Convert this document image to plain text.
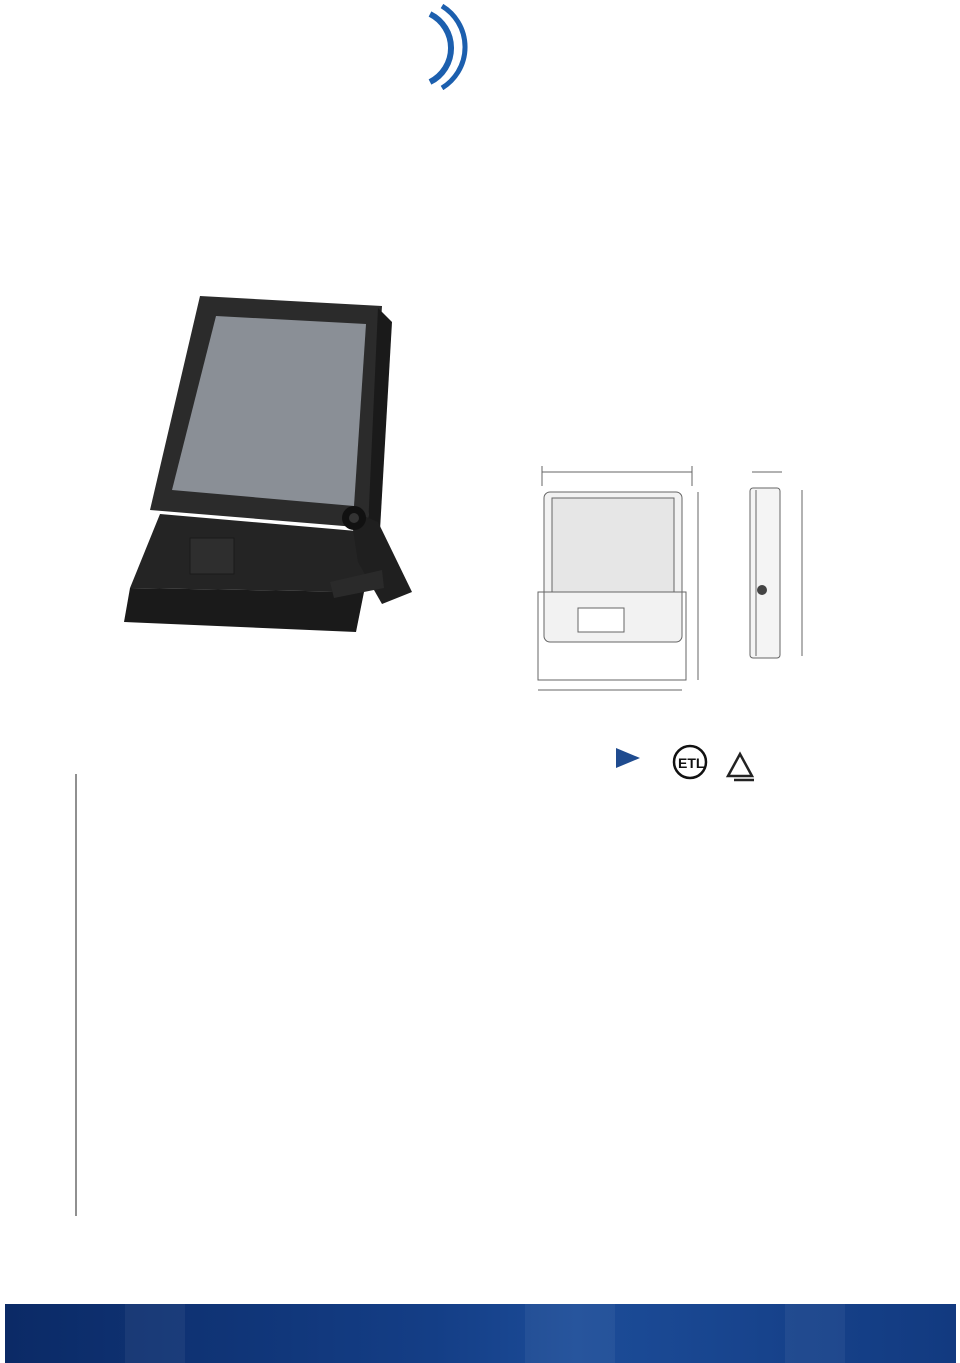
ETL
